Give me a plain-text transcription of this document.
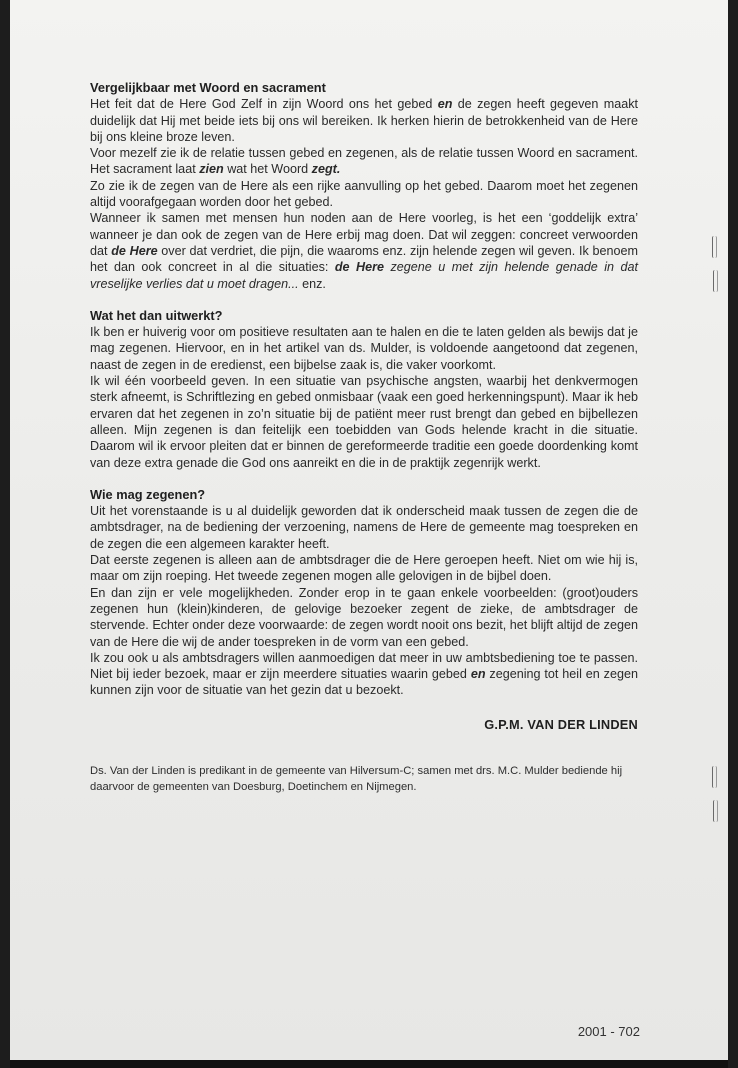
Vergelijkbaar met Woord en sacrament

Het feit dat de Here God Zelf in zijn Woord ons het gebed en de zegen heeft gegeven maakt duidelijk dat Hij met beide iets bij ons wil bereiken. Ik herken hierin de betrokkenheid van de Here bij ons kleine broze leven.

Voor mezelf zie ik de relatie tussen gebed en zegenen, als de relatie tussen Woord en sacrament. Het sacrament laat zien wat het Woord zegt.

Zo zie ik de zegen van de Here als een rijke aanvulling op het gebed. Daarom moet het zegenen altijd voorafgegaan worden door het gebed.

Wanneer ik samen met mensen hun noden aan de Here voorleg, is het een ‘goddelijk extra’ wanneer je dan ook de zegen van de Here erbij mag doen. Dat wil zeggen: concreet verwoorden dat de Here over dat verdriet, die pijn, die waaroms enz. zijn helende zegen wil geven. Ik benoem het dan ook concreet in al die situaties: de Here zegene u met zijn helende genade in dat vreselijke verlies dat u moet dragen... enz.

Wat het dan uitwerkt?

Ik ben er huiverig voor om positieve resultaten aan te halen en die te laten gelden als bewijs dat je mag zegenen. Hiervoor, en in het artikel van ds. Mulder, is voldoende aangetoond dat zegenen, naast de zegen in de eredienst, een bijbelse zaak is, die vaker voorkomt.

Ik wil één voorbeeld geven. In een situatie van psychische angsten, waarbij het denkvermogen sterk afneemt, is Schriftlezing en gebed onmisbaar (vaak een goed herkenningspunt). Maar ik heb ervaren dat het zegenen in zo’n situatie bij de patiënt meer rust brengt dan gebed en bijbellezen alleen. Mijn zegenen is dan feitelijk een toebidden van Gods helende kracht in die situatie. Daarom wil ik ervoor pleiten dat er binnen de gereformeerde traditie een goede doordenking komt van deze extra genade die God ons aanreikt en die in de praktijk zegenrijk werkt.

Wie mag zegenen?

Uit het vorenstaande is u al duidelijk geworden dat ik onderscheid maak tussen de zegen die de ambtsdrager, na de bediening der verzoening, namens de Here de gemeente mag toespreken en de zegen die een algemeen karakter heeft.

Dat eerste zegenen is alleen aan de ambtsdrager die de Here geroepen heeft. Niet om wie hij is, maar om zijn roeping. Het tweede zegenen mogen alle gelovigen in de bijbel doen.

En dan zijn er vele mogelijkheden. Zonder erop in te gaan enkele voorbeelden: (groot)ouders zegenen hun (klein)kinderen, de gelovige bezoeker zegent de zieke, de ambtsdrager de stervende. Echter onder deze voorwaarde: de zegen wordt nooit ons bezit, het blijft altijd de zegen van de Here die wij de ander toespreken in de vorm van een gebed.

Ik zou ook u als ambtsdragers willen aanmoedigen dat meer in uw ambtsbediening toe te passen. Niet bij ieder bezoek, maar er zijn meerdere situaties waarin gebed en zegening tot heil en zegen kunnen zijn voor de situatie van het gezin dat u bezoekt.

G.P.M. VAN DER LINDEN
Ds. Van der Linden is predikant in de gemeente van Hilversum-C; samen met drs. M.C. Mulder bediende hij daarvoor de gemeenten van Doesburg, Doetinchem en Nijmegen.
2001 - 702
